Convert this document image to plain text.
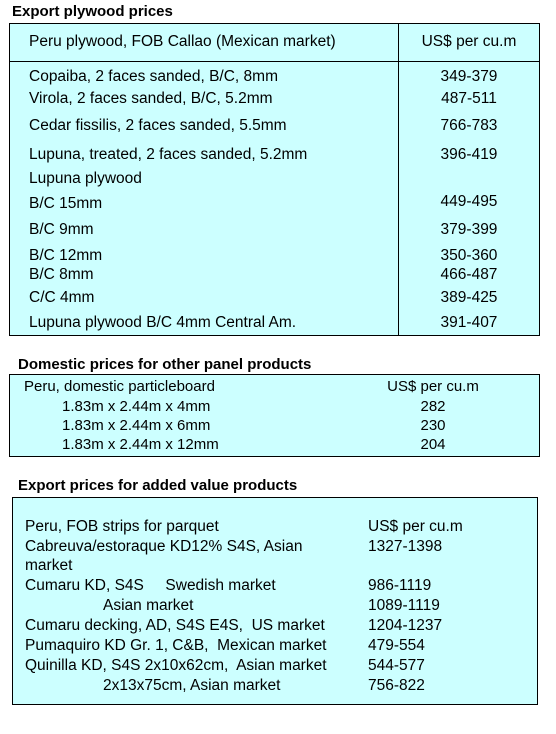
Export plywood prices
Peru plywood, FOB Callao (Mexican market)	US$ per cu.m
Copaiba, 2 faces sanded, B/C, 8mm	349-379
Virola, 2 faces sanded, B/C, 5.2mm	487-511
Cedar fissilis, 2 faces sanded, 5.5mm	766-783
Lupuna, treated, 2 faces sanded, 5.2mm	396-419
Lupuna plywood
B/C 15mm	449-495
B/C 9mm	379-399
B/C 12mm	350-360
B/C 8mm	466-487
C/C 4mm	389-425
Lupuna plywood B/C 4mm Central Am.	391-407
Domestic prices for other panel products
Peru, domestic particleboard	US$ per cu.m
1.83m x 2.44m x 4mm	282
1.83m x 2.44m x 6mm	230
1.83m x 2.44m x 12mm	204
Export prices for added value products
Peru, FOB strips for parquet	US$ per cu.m
Cabreuva/estoraque KD12% S4S, Asian	1327-1398
market
Cumaru KD, S4S     Swedish market	986-1119
Asian market	1089-1119
Cumaru decking, AD, S4S E4S,  US market	1204-1237
Pumaquiro KD Gr. 1, C&B,  Mexican market	479-554
Quinilla KD, S4S 2x10x62cm,  Asian market	544-577
2x13x75cm, Asian market	756-822
